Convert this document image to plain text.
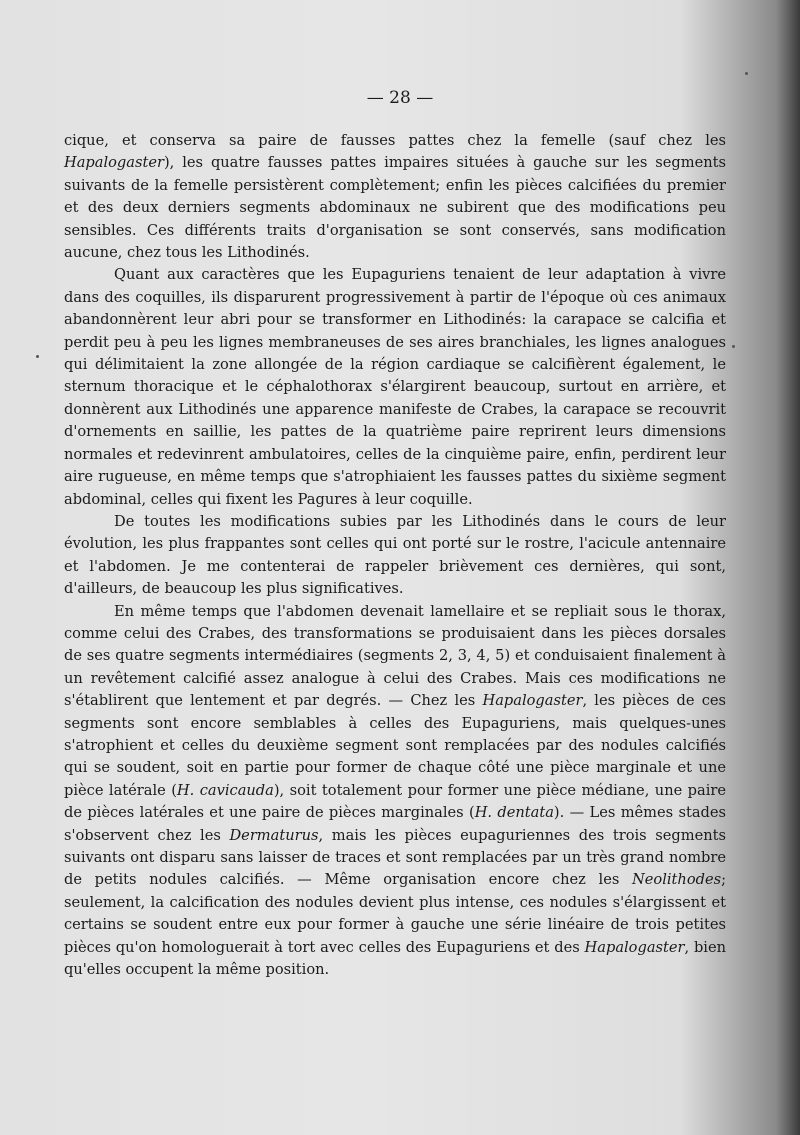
— 28 —

cique, et conserva sa paire de fausses pattes chez la femelle (sauf chez les Hapalogaster), les quatre fausses pattes impaires situées à gauche sur les segments suivants de la femelle persistèrent complètement; enfin les pièces calcifiées du premier et des deux derniers segments abdominaux ne subirent que des modifications peu sensibles. Ces différents traits d'organisation se sont conservés, sans modification aucune, chez tous les Lithodinés.

Quant aux caractères que les Eupaguriens tenaient de leur adaptation à vivre dans des coquilles, ils disparurent progressivement à partir de l'époque où ces animaux abandonnèrent leur abri pour se transformer en Lithodinés: la carapace se calcifia et perdit peu à peu les lignes membraneuses de ses aires branchiales, les lignes analogues qui délimitaient la zone allongée de la région cardiaque se calcifièrent également, le sternum thoracique et le céphalothorax s'élargirent beaucoup, surtout en arrière, et donnèrent aux Lithodinés une apparence manifeste de Crabes, la carapace se recouvrit d'ornements en saillie, les pattes de la quatrième paire reprirent leurs dimensions normales et redevinrent ambulatoires, celles de la cinquième paire, enfin, perdirent leur aire rugueuse, en même temps que s'atrophiaient les fausses pattes du sixième segment abdominal, celles qui fixent les Pagures à leur coquille.

De toutes les modifications subies par les Lithodinés dans le cours de leur évolution, les plus frappantes sont celles qui ont porté sur le rostre, l'acicule antennaire et l'abdomen. Je me contenterai de rappeler brièvement ces dernières, qui sont, d'ailleurs, de beaucoup les plus significatives.

En même temps que l'abdomen devenait lamellaire et se repliait sous le thorax, comme celui des Crabes, des transformations se produisaient dans les pièces dorsales de ses quatre segments intermédiaires (segments 2, 3, 4, 5) et conduisaient finalement à un revêtement calcifié assez analogue à celui des Crabes. Mais ces modifications ne s'établirent que lentement et par degrés. — Chez les Hapalogaster, les pièces de ces segments sont encore semblables à celles des Eupaguriens, mais quelques-unes s'atrophient et celles du deuxième segment sont remplacées par des nodules calcifiés qui se soudent, soit en partie pour former de chaque côté une pièce marginale et une pièce latérale (H. cavicauda), soit totalement pour former une pièce médiane, une paire de pièces latérales et une paire de pièces marginales (H. dentata). — Les mêmes stades s'observent chez les Dermaturus, mais les pièces eupaguriennes des trois segments suivants ont disparu sans laisser de traces et sont remplacées par un très grand nombre de petits nodules calcifiés. — Même organisation encore chez les Neolithodes; seulement, la calcification des nodules devient plus intense, ces nodules s'élargissent et certains se soudent entre eux pour former à gauche une série linéaire de trois petites pièces qu'on homologuerait à tort avec celles des Eupaguriens et des Hapalogaster, bien qu'elles occupent la même position.
